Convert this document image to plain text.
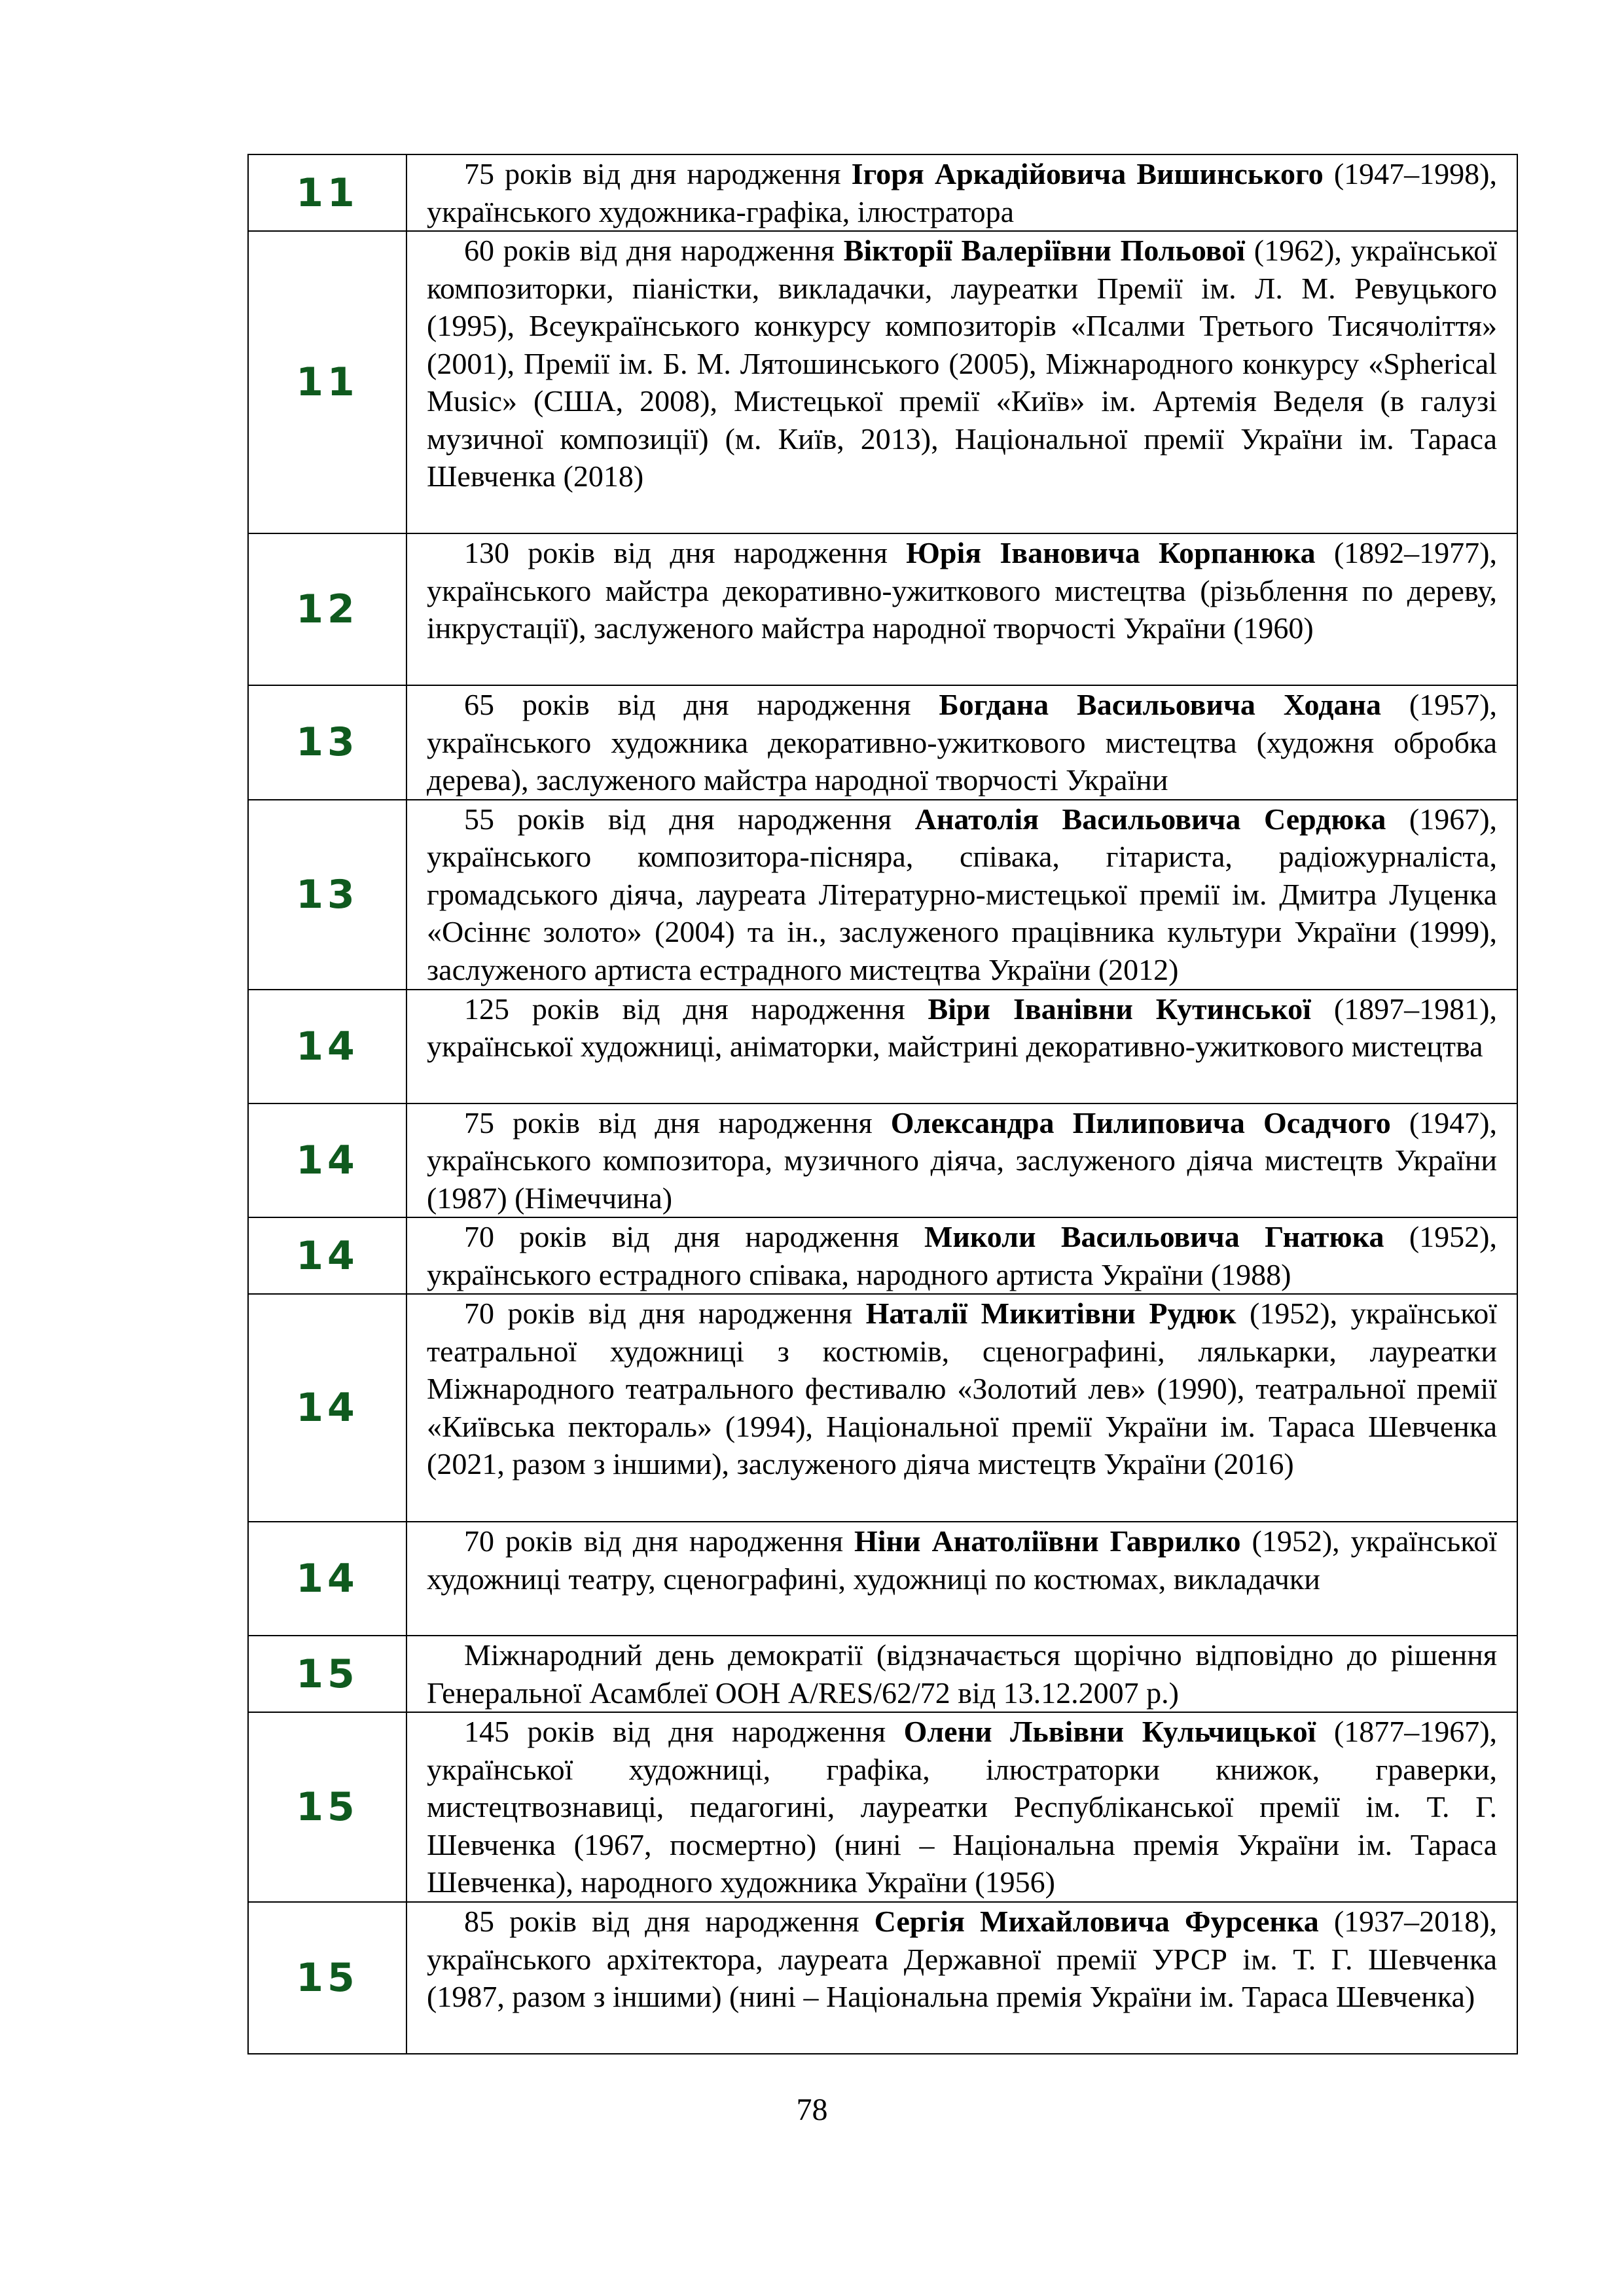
11	75 років від дня народження Ігоря Аркадійовича Вишинського (1947–1998), українського художника-графіка, ілюстратора

11	60 років від дня народження Вікторії Валеріївни Польової (1962), української композиторки, піаністки, викладачки, лауреатки Премії ім. Л. М. Ревуцького (1995), Всеукраїнського конкурсу композиторів «Псалми Третього Тисячоліття» (2001), Премії ім. Б. М. Лятошинського (2005), Міжнародного конкурсу «Spherical Music» (США, 2008), Мистецької премії «Київ» ім. Артемія Веделя (в галузі музичної композиції) (м. Київ, 2013), Національної премії України ім. Тараса Шевченка (2018)

12	130 років від дня народження Юрія Івановича Корпанюка (1892–1977), українського майстра декоративно-ужиткового мистецтва (різьблення по дереву, інкрустації), заслуженого майстра народної творчості України (1960)

13	65 років від дня народження Богдана Васильовича Ходана (1957), українського художника декоративно-ужиткового мистецтва (художня обробка дерева), заслуженого майстра народної творчості України

13	55 років від дня народження Анатолія Васильовича Сердюка (1967), українського композитора-пісняра, співака, гітариста, радіожурналіста, громадського діяча, лауреата Літературно-мистецької премії ім. Дмитра Луценка «Осіннє золото» (2004) та ін., заслуженого працівника культури України (1999), заслуженого артиста естрадного мистецтва України (2012)

14	125 років від дня народження Віри Іванівни Кутинської (1897–1981), української художниці, аніматорки, майстрині декоративно-ужиткового мистецтва

14	75 років від дня народження Олександра Пилиповича Осадчого (1947), українського композитора, музичного діяча, заслуженого діяча мистецтв України (1987) (Німеччина)

14	70 років від дня народження Миколи Васильовича Гнатюка (1952), українського естрадного співака, народного артиста України (1988)

14	70 років від дня народження Наталії Микитівни Рудюк (1952), української театральної художниці з костюмів, сценографині, лялькарки, лауреатки Міжнародного театрального фестивалю «Золотий лев» (1990), театральної премії «Київська пектораль» (1994), Національної премії України ім. Тараса Шевченка (2021, разом з іншими), заслуженого діяча мистецтв України (2016)

14	70 років від дня народження Ніни Анатоліївни Гаврилко (1952), української художниці театру, сценографині, художниці по костюмах, викладачки

15	Міжнародний день демократії (відзначається щорічно відповідно до рішення Генеральної Асамблеї ООН A/RES/62/72 від 13.12.2007 р.)

15	145 років від дня народження Олени Львівни Кульчицької (1877–1967), української художниці, графіка, ілюстраторки книжок, граверки, мистецтвознавиці, педагогині, лауреатки Республіканської премії ім. Т. Г. Шевченка (1967, посмертно) (нині – Національна премія України ім. Тараса Шевченка), народного художника України (1956)

15	85 років від дня народження Сергія Михайловича Фурсенка (1937–2018), українського архітектора, лауреата Державної премії УРСР ім. Т. Г. Шевченка (1987, разом з іншими) (нині – Національна премія України ім. Тараса Шевченка)
78
